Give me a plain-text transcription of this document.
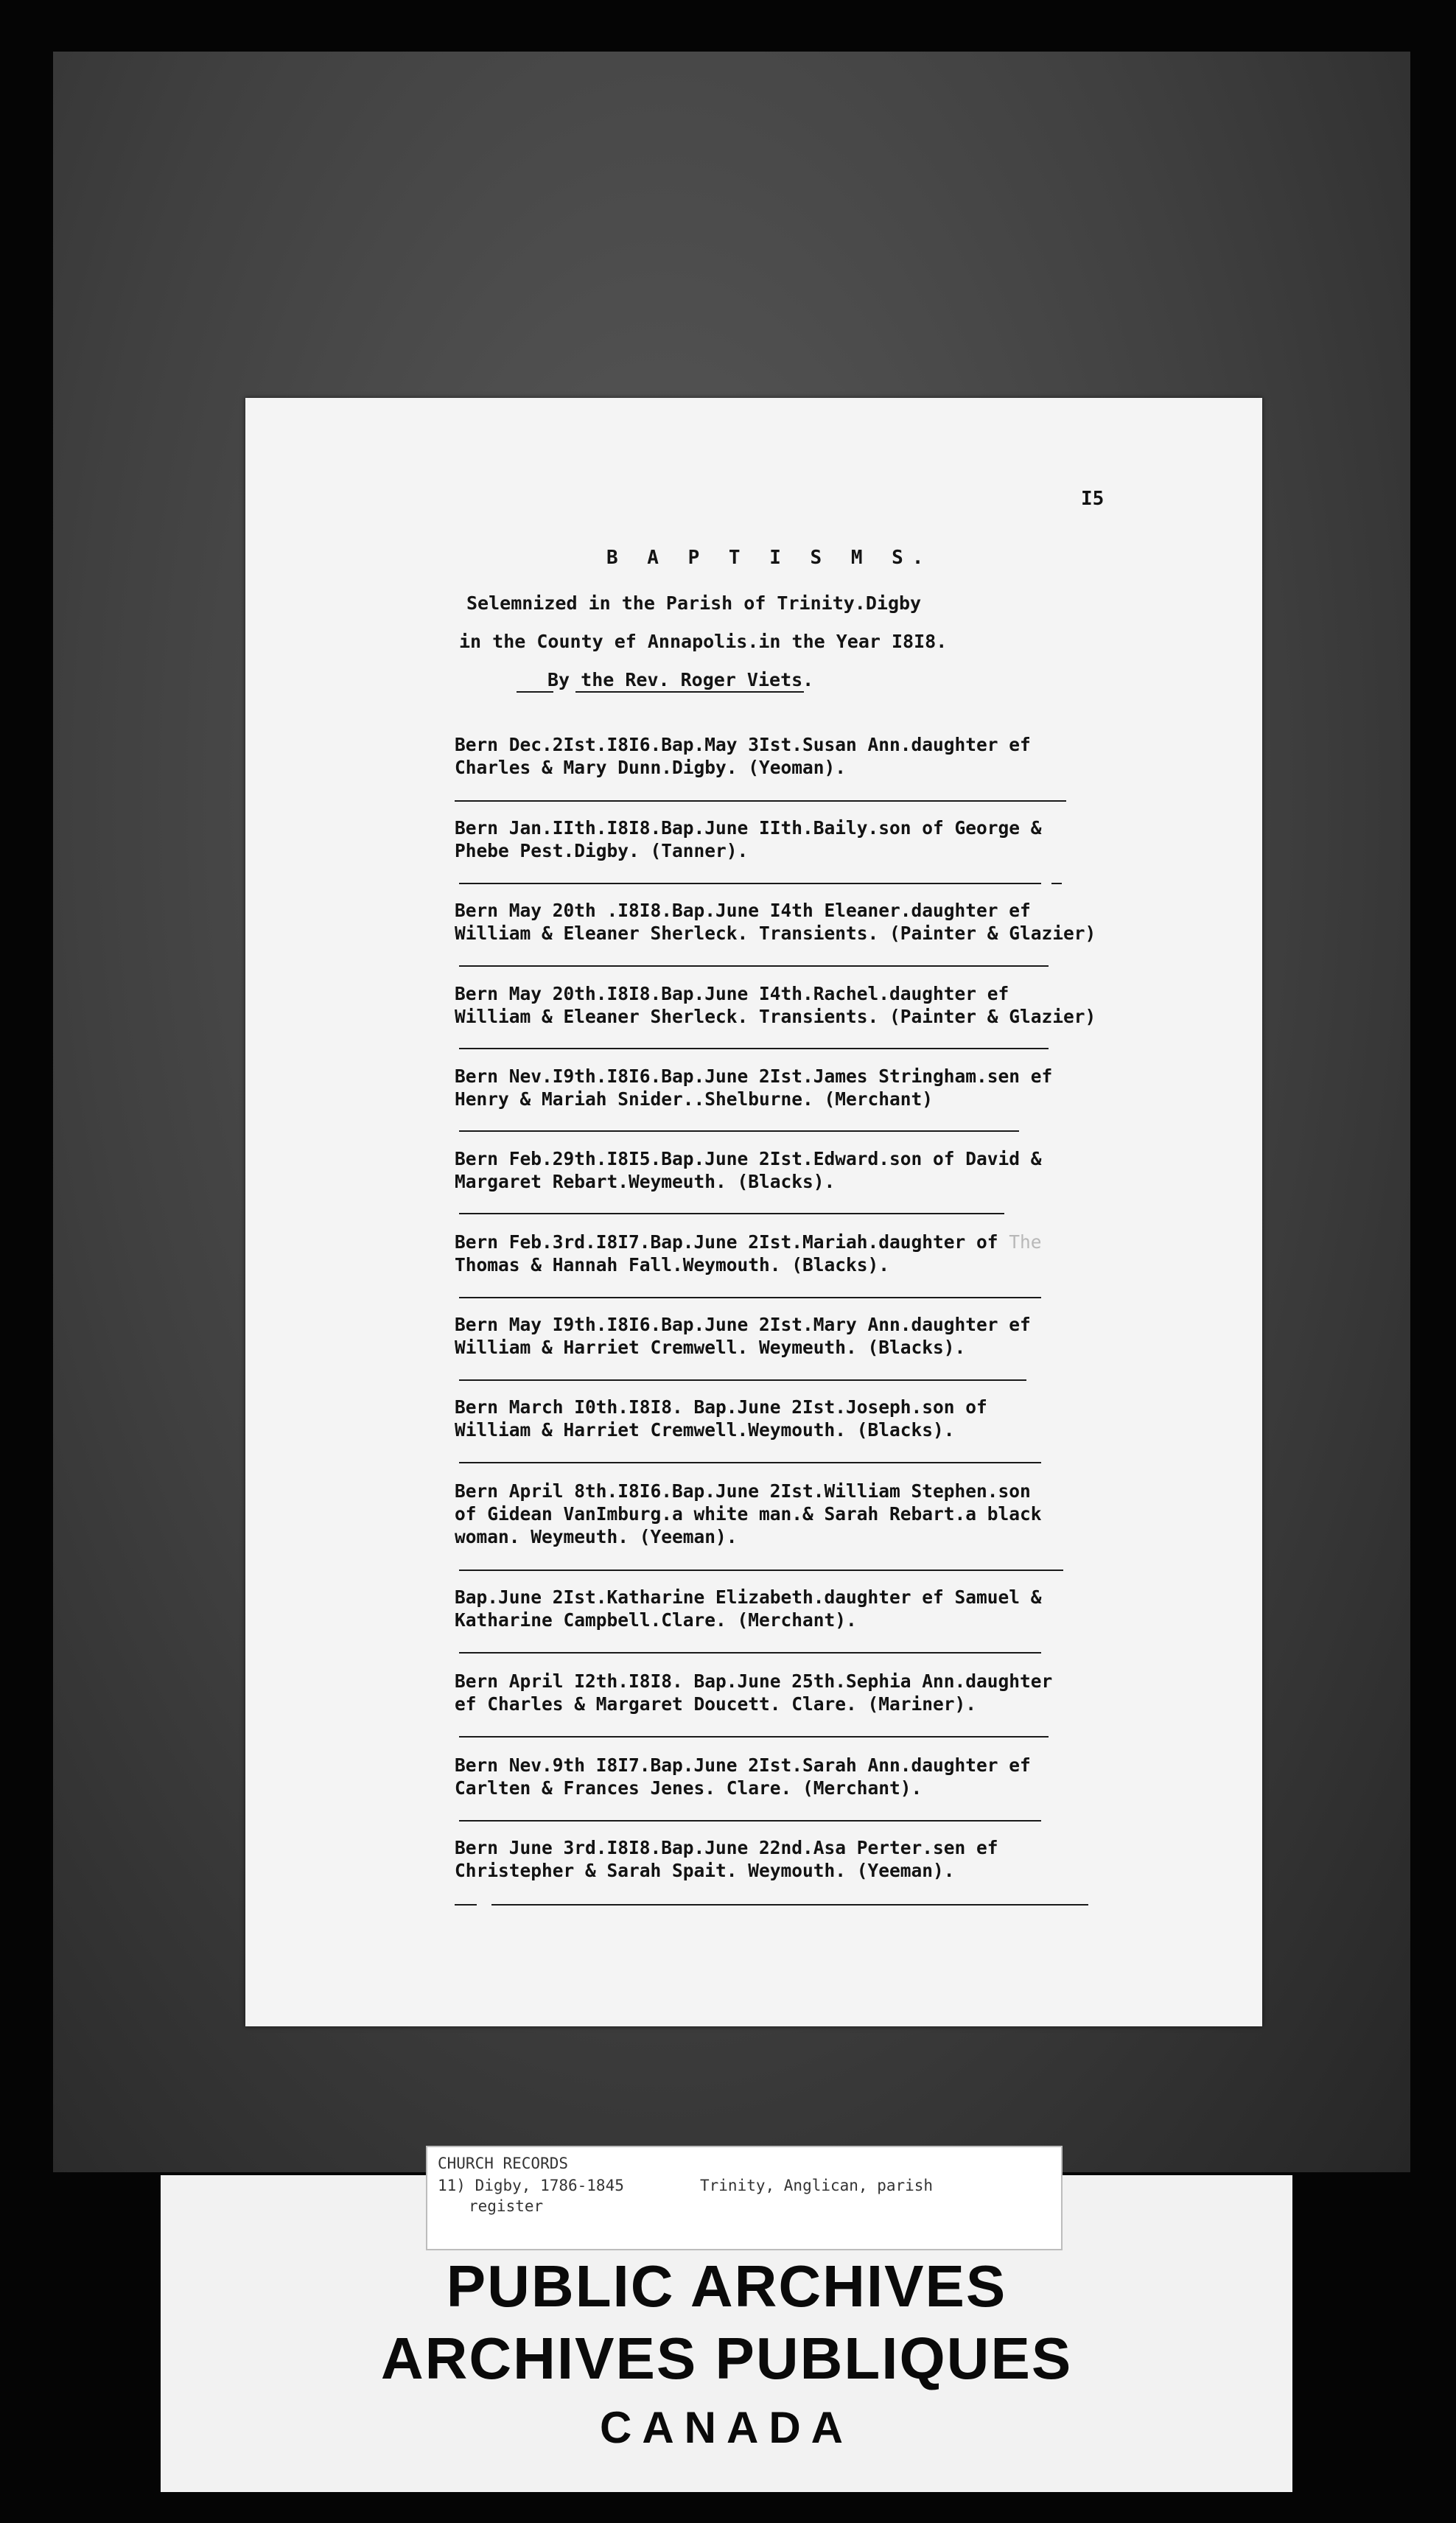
I5
B A P T I S M S.
Selemnized in the Parish of Trinity.Digby
in the County ef Annapolis.in the Year I8I8.
By the Rev. Roger Viets.
Bern Dec.2Ist.I8I6.Bap.May 3Ist.Susan Ann.daughter ef
Charles & Mary Dunn.Digby. (Yeoman).
Bern Jan.IIth.I8I8.Bap.June IIth.Baily.son of George &
Phebe Pest.Digby. (Tanner).
Bern May 20th .I8I8.Bap.June I4th Eleaner.daughter ef
William & Eleaner Sherleck. Transients. (Painter & Glazier)
Bern May 20th.I8I8.Bap.June I4th.Rachel.daughter ef
William & Eleaner Sherleck. Transients. (Painter & Glazier)
Bern Nev.I9th.I8I6.Bap.June 2Ist.James Stringham.sen ef
Henry & Mariah Snider..Shelburne. (Merchant)
Bern Feb.29th.I8I5.Bap.June 2Ist.Edward.son of David &
Margaret Rebart.Weymeuth. (Blacks).
Bern Feb.3rd.I8I7.Bap.June 2Ist.Mariah.daughter of The
Thomas & Hannah Fall.Weymouth. (Blacks).
Bern May I9th.I8I6.Bap.June 2Ist.Mary Ann.daughter ef
William & Harriet Cremwell. Weymeuth. (Blacks).
Bern March I0th.I8I8. Bap.June 2Ist.Joseph.son of
William & Harriet Cremwell.Weymouth. (Blacks).
Bern April 8th.I8I6.Bap.June 2Ist.William Stephen.son
of Gidean VanImburg.a white man.& Sarah Rebart.a black
woman. Weymeuth. (Yeeman).
Bap.June 2Ist.Katharine Elizabeth.daughter ef Samuel &
Katharine Campbell.Clare. (Merchant).
Bern April I2th.I8I8. Bap.June 25th.Sephia Ann.daughter
ef Charles & Margaret Doucett. Clare. (Mariner).
Bern Nev.9th I8I7.Bap.June 2Ist.Sarah Ann.daughter ef
Carlten & Frances Jenes. Clare. (Merchant).
Bern June 3rd.I8I8.Bap.June 22nd.Asa Perter.sen ef
Christepher & Sarah Spait. Weymouth. (Yeeman).
CHURCH RECORDS
11) Digby, 1786-1845	Trinity, Anglican, parish
register
PUBLIC ARCHIVES
ARCHIVES PUBLIQUES
CANADA
